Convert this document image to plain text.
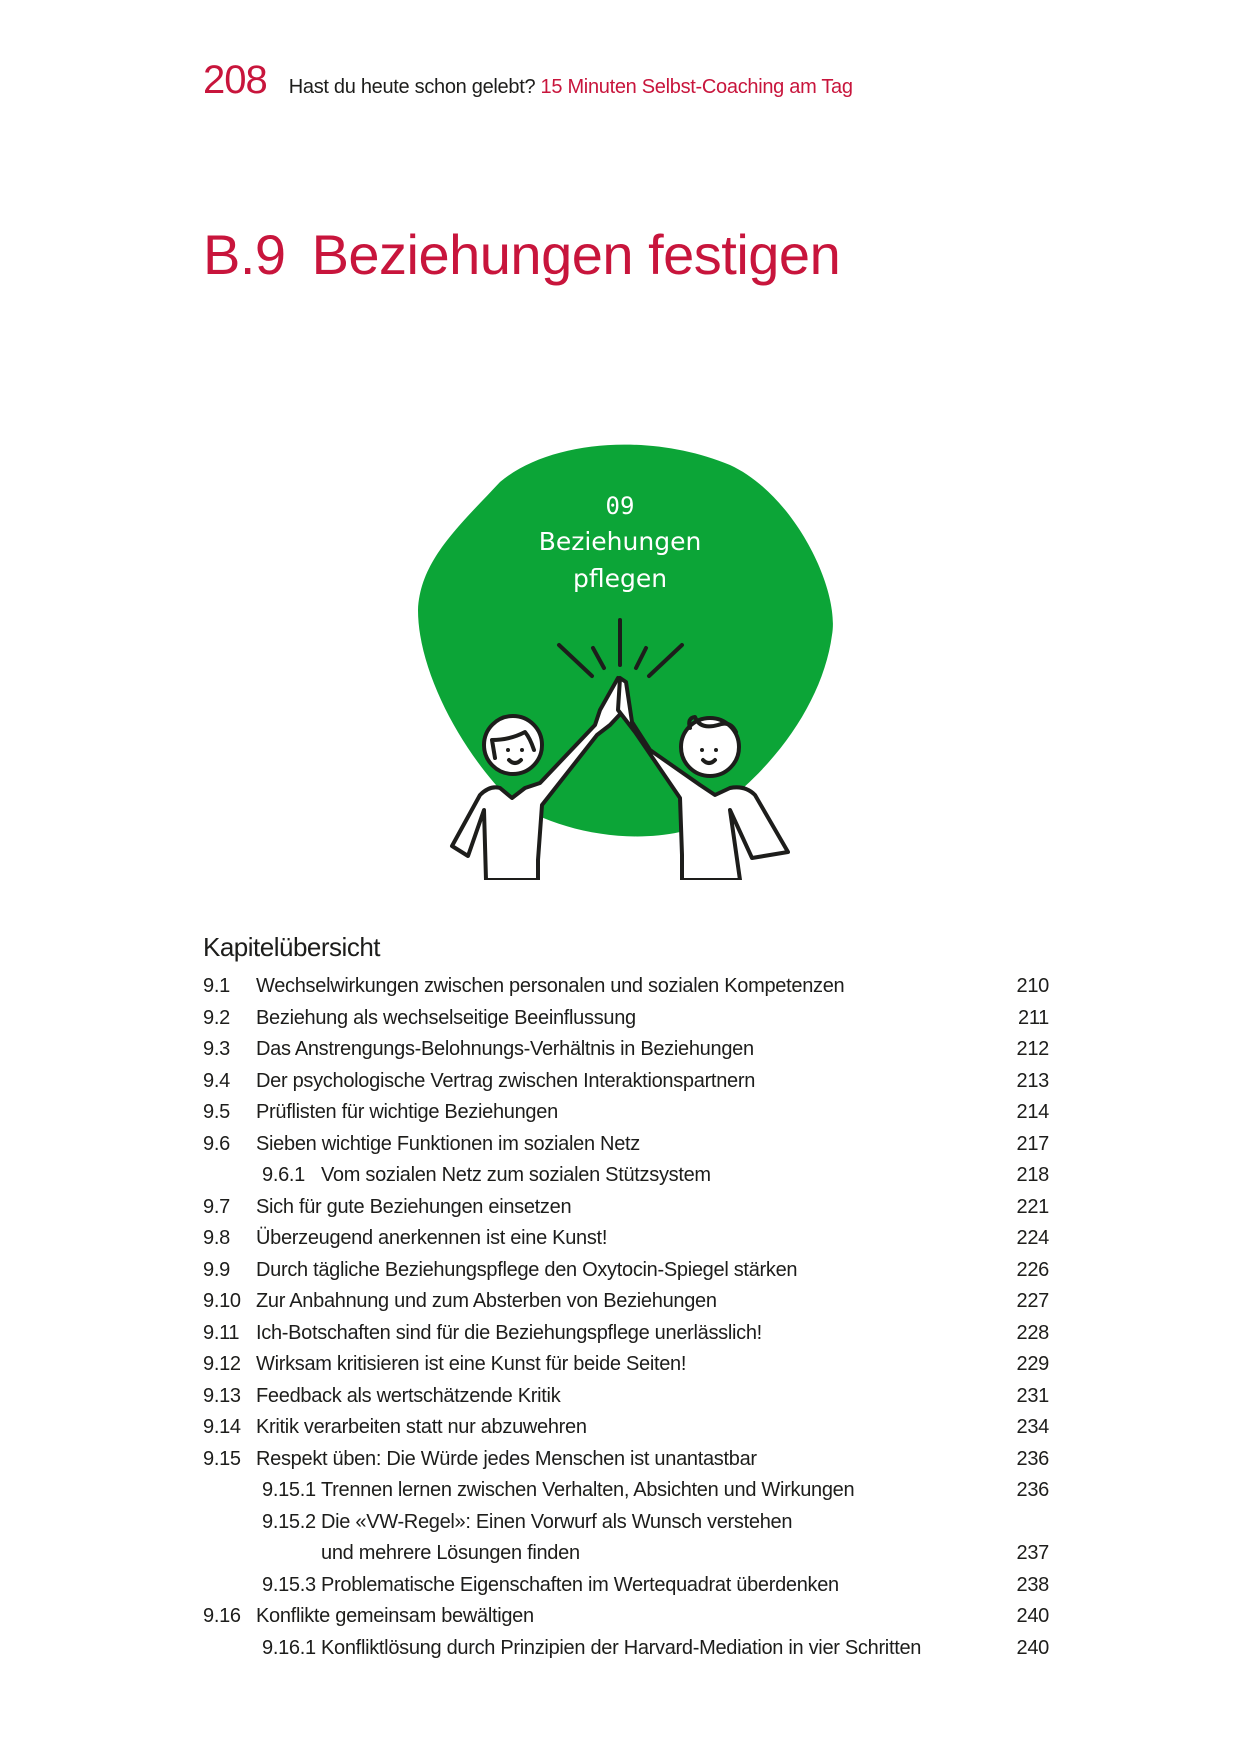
208 Hast du heute schon gelebt? 15 Minuten Selbst-Coaching am Tag
B.9 Beziehungen festigen
09
Beziehungen
pflegen
Kapitelübersicht
9.1 Wechselwirkungen zwischen personalen und sozialen Kompetenzen	210
9.2 Beziehung als wechselseitige Beeinflussung	211
9.3 Das Anstrengungs-Belohnungs-Verhältnis in Beziehungen	212
9.4 Der psychologische Vertrag zwischen Interaktionspartnern	213
9.5 Prüflisten für wichtige Beziehungen	214
9.6 Sieben wichtige Funktionen im sozialen Netz	217
9.6.1 Vom sozialen Netz zum sozialen Stützsystem	218
9.7 Sich für gute Beziehungen einsetzen	221
9.8 Überzeugend anerkennen ist eine Kunst!	224
9.9 Durch tägliche Beziehungspflege den Oxytocin-Spiegel stärken	226
9.10 Zur Anbahnung und zum Absterben von Beziehungen	227
9.11 Ich-Botschaften sind für die Beziehungspflege unerlässlich!	228
9.12 Wirksam kritisieren ist eine Kunst für beide Seiten!	229
9.13 Feedback als wertschätzende Kritik	231
9.14 Kritik verarbeiten statt nur abzuwehren	234
9.15 Respekt üben: Die Würde jedes Menschen ist unantastbar	236
9.15.1 Trennen lernen zwischen Verhalten, Absichten und Wirkungen	236
9.15.2 Die «VW-Regel»: Einen Vorwurf als Wunsch verstehen
und mehrere Lösungen finden	237
9.15.3 Problematische Eigenschaften im Wertequadrat überdenken	238
9.16 Konflikte gemeinsam bewältigen	240
9.16.1 Konfliktlösung durch Prinzipien der Harvard-Mediation in vier Schritten	240
